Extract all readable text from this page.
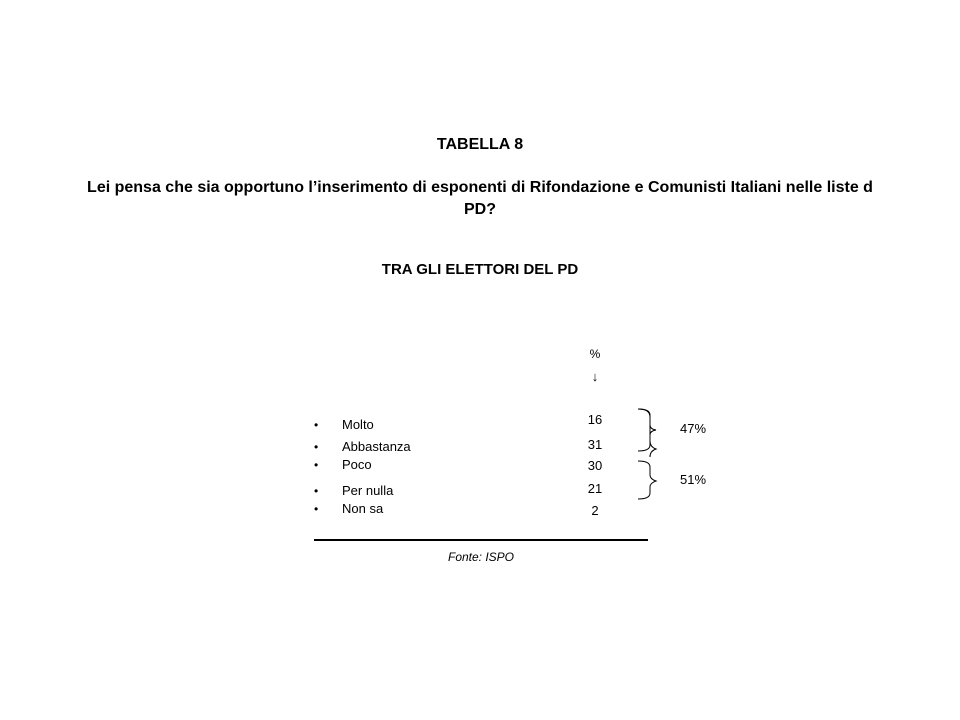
TABELLA 8
Lei pensa che sia opportuno l’inserimento di esponenti di Rifondazione e Comunisti Italiani nelle liste d
PD?
TRA GLI ELETTORI DEL PD
%
↓
• Molto	16
• Abbastanza	31
• Poco	30
• Per nulla	21
• Non sa	2
47%
51%
Fonte: ISPO
